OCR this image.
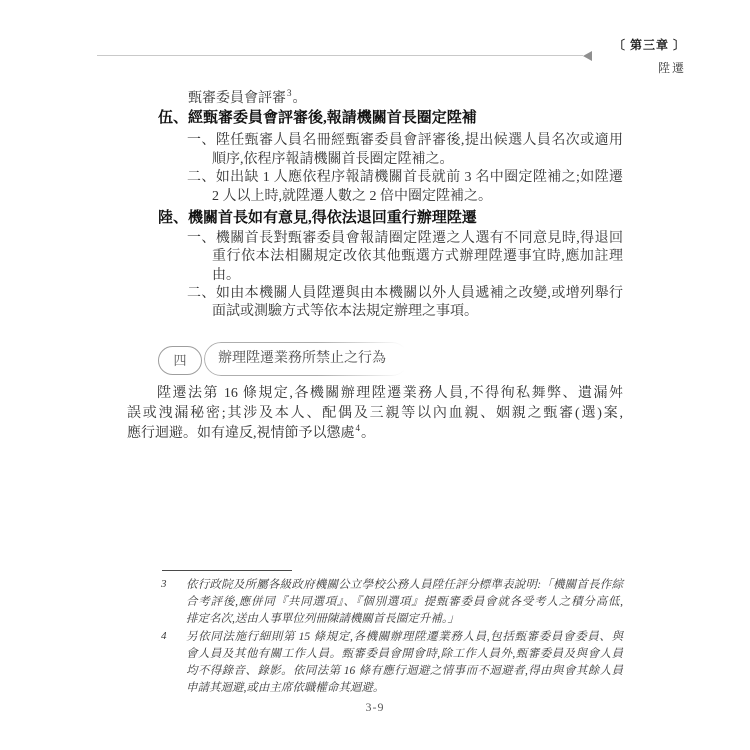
〔 第三章 〕
陞遷
甄審委員會評審$^3$。
伍、經甄審委員會評審後,報請機關首長圈定陞補
一、陞任甄審人員名冊經甄審委員會評審後,提出候選人員名次或適用
順序,依程序報請機關首長圈定陞補之。
二、如出缺 1 人應依程序報請機關首長就前 3 名中圈定陞補之;如陞遷
2 人以上時,就陞遷人數之 2 倍中圈定陞補之。
陸、機關首長如有意見,得依法退回重行辦理陞遷
一、機關首長對甄審委員會報請圈定陞遷之人選有不同意見時,得退回
重行依本法相關規定改依其他甄選方式辦理陞遷事宜時,應加註理
由。
二、如由本機關人員陞遷與由本機關以外人員遞補之改變,或增列舉行
面試或測驗方式等依本法規定辦理之事項。
四	辦理陞遷業務所禁止之行為
陞遷法第 16 條規定,各機關辦理陞遷業務人員,不得徇私舞弊、遺漏舛
誤或洩漏秘密;其涉及本人、配偶及三親等以內血親、姻親之甄審(選)案,
應行迴避。如有違反,視情節予以懲處$^4$。
3 依行政院及所屬各級政府機關公立學校公務人員陞任評分標準表說明:「機關首長作綜
合考評後,應併同『共同選項』、『個別選項』提甄審委員會就各受考人之積分高低,
排定名次,送由人事單位列冊陳請機關首長圈定升補。」
4 另依同法施行細則第 15 條規定,各機關辦理陞遷業務人員,包括甄審委員會委員、與
會人員及其他有關工作人員。甄審委員會開會時,除工作人員外,甄審委員及與會人員
均不得錄音、錄影。依同法第 16 條有應行迴避之情事而不迴避者,得由與會其餘人員
申請其迴避,或由主席依職權命其迴避。
3-9
